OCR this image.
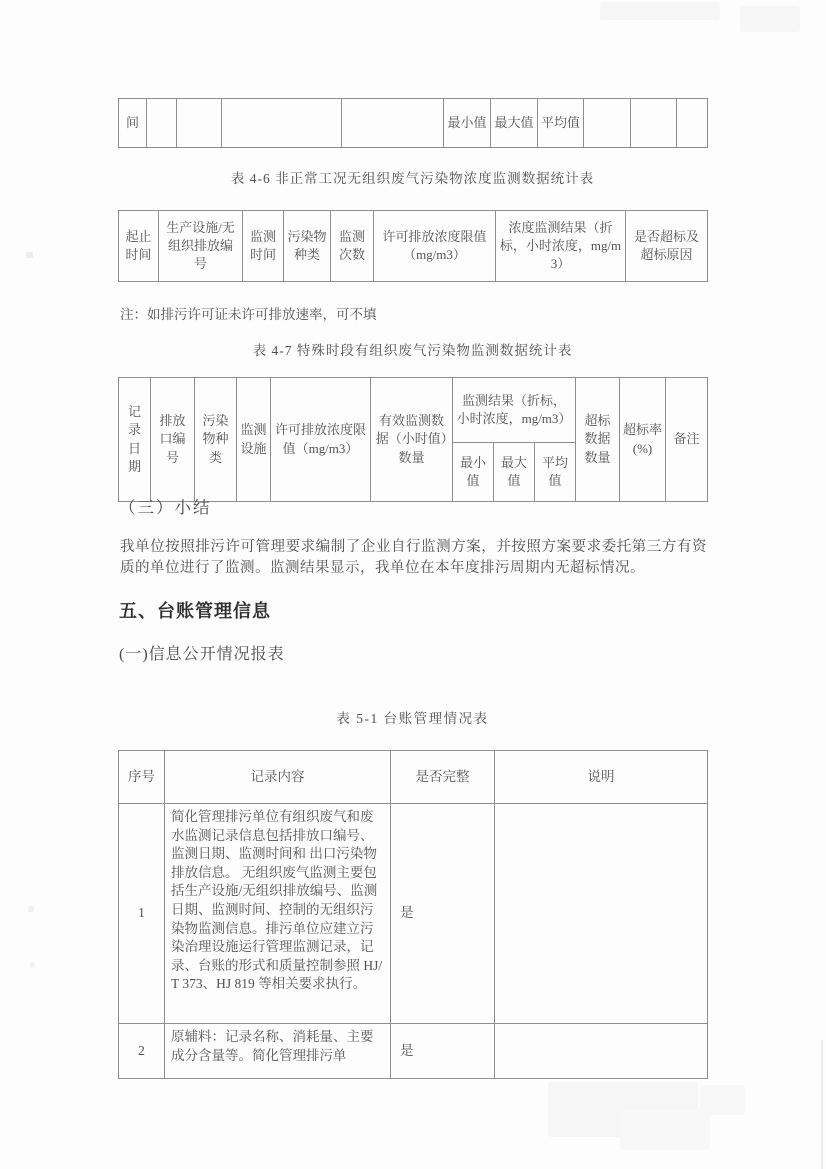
间					最小值	最大值	平均值			
表 4-6 非正常工况无组织废气污染物浓度监测数据统计表
起止时间	生产设施/无组织排放编号	监测时间	污染物种类	监测次数	许可排放浓度限值（mg/m3）	浓度监测结果（折标，小时浓度，mg/m3）	是否超标及超标原因
注：如排污许可证未许可排放速率，可不填
表 4-7 特殊时段有组织废气污染物监测数据统计表
记录日期	排放口编号	污染物种类	监测设施	许可排放浓度限值（mg/m3）	有效监测数据（小时值）数量	监测结果（折标，小时浓度，mg/m3）			超标数据数量	超标率(%)	备注
						最小值	最大值	平均值			
（三）小结
我单位按照排污许可管理要求编制了企业自行监测方案，并按照方案要求委托第三方有资质的单位进行了监测。监测结果显示，我单位在本年度排污周期内无超标情况。
五、台账管理信息
(一)信息公开情况报表
表 5-1 台账管理情况表
序号	记录内容	是否完整	说明
1	简化管理排污单位有组织废气和废水监测记录信息包括排放口编号、监测日期、监测时间和 出口污染物排放信息。 无组织废气监测主要包括生产设施/无组织排放编号、监测日期、监测时间、控制的无组织污 染物监测信息。排污单位应建立污染治理设施运行管理监测记录，记录、台账的形式和质量控制参照 HJ/T 373、HJ 819 等相关要求执行。	是	
2	原辅料：记录名称、消耗量、主要成分含量等。简化管理排污单	是	
